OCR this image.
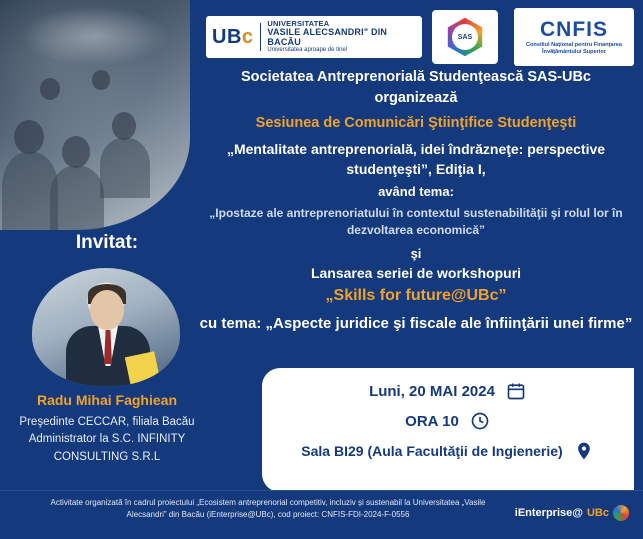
UBc
UNIVERSITATEA
VASILE ALECSANDRI" DIN BACĂU
Universitatea aproape de tine!
SAS
CNFIS
Consiliul Naţional pentru Finanţarea Învăţământului Superior
Societatea Antreprenorială Studenţească SAS-UBc
organizează
Sesiunea de Comunicări Ştiinţifice Studenţeşti
„Mentalitate antreprenorială, idei îndrăzneţe: perspective studenţeşti”, Ediţia I,
având tema:
„Ipostaze ale antreprenoriatului în contextul sustenabilităţii şi rolul lor în dezvoltarea economică”
şi
Lansarea seriei de workshopuri
„Skills for future@UBc”
cu tema: „Aspecte juridice şi fiscale ale înfiinţării unei firme”
Invitat:
Radu Mihai Faghiean
Preşedinte CECCAR, filiala Bacău Administrator la S.C. INFINITY CONSULTING S.R.L
Luni, 20 MAI 2024
ORA 10
Sala BI29 (Aula Facultăţii de Ingienerie)
Activitate organizată în cadrul proiectului „Ecosistem antreprenorial competitiv, incluziv și sustenabil la Universitatea „Vasile Alecsandri” din Bacău (iEnterprise@UBc), cod proiect: CNFIS-FDI-2024-F-0556	iEnterprise@ UBc
